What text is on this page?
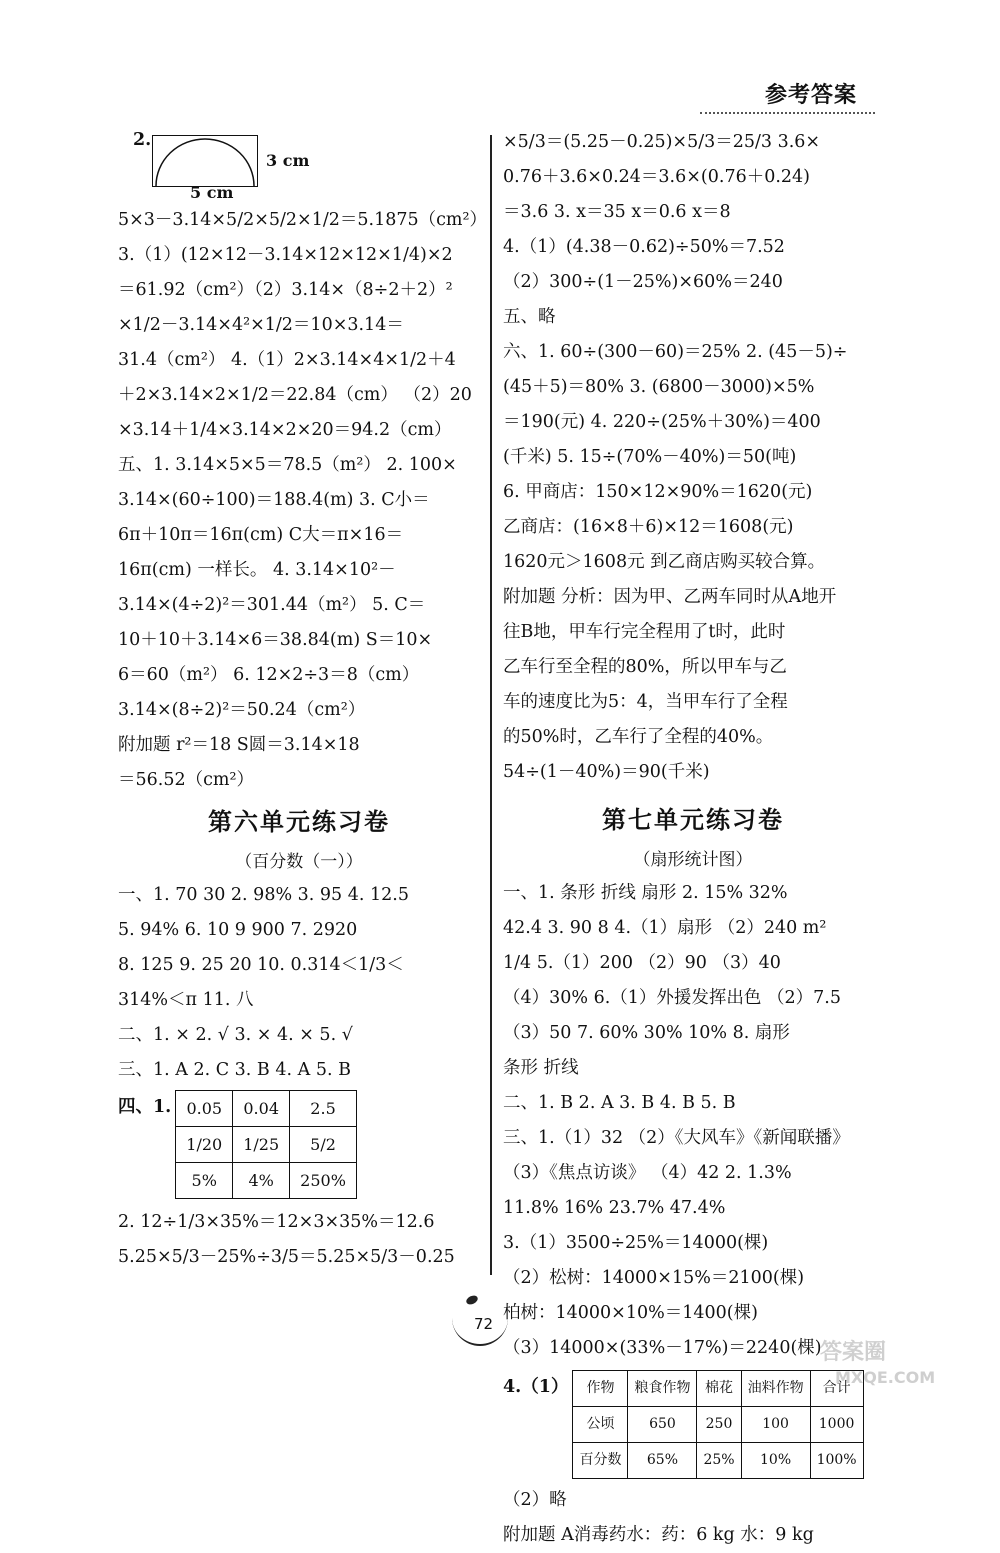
参考答案
2.
3 cm
5 cm
5×3－3.14×5/2×5/2×1/2＝5.1875（cm²）
3.（1）(12×12－3.14×12×12×1/4)×2
＝61.92（cm²）（2）3.14×（8÷2＋2）²
×1/2－3.14×4²×1/2＝10×3.14＝
31.4（cm²） 4.（1）2×3.14×4×1/2＋4
＋2×3.14×2×1/2＝22.84（cm） （2）20
×3.14＋1/4×3.14×2×20＝94.2（cm）
五、1. 3.14×5×5＝78.5（m²） 2. 100×
3.14×(60÷100)＝188.4(m) 3. C小＝
6π＋10π＝16π(cm) C大＝π×16＝
16π(cm) 一样长。 4. 3.14×10²－
3.14×(4÷2)²＝301.44（m²） 5. C＝
10＋10＋3.14×6＝38.84(m) S＝10×
6＝60（m²） 6. 12×2÷3＝8（cm）
3.14×(8÷2)²＝50.24（cm²）
附加题 r²＝18 S圆＝3.14×18
＝56.52（cm²）
第六单元练习卷
（百分数（一））
一、1. 70 30 2. 98% 3. 95 4. 12.5
5. 94% 6. 10 9 900 7. 2920
8. 125 9. 25 20 10. 0.314＜1/3＜
314%＜π 11. 八
二、1. × 2. √ 3. × 4. × 5. √
三、1. A 2. C 3. B 4. A 5. B
四、1. 0.05	0.04	2.5
1/20	1/25	5/2
5%	4%	250%
2. 12÷1/3×35%＝12×3×35%＝12.6
5.25×5/3－25%÷3/5＝5.25×5/3－0.25
×5/3＝(5.25－0.25)×5/3＝25/3 3.6×
0.76＋3.6×0.24＝3.6×(0.76＋0.24)
＝3.6 3. x＝35 x＝0.6 x＝8
4.（1）(4.38－0.62)÷50%＝7.52
（2）300÷(1－25%)×60%＝240
五、略
六、1. 60÷(300－60)＝25% 2. (45－5)÷
(45＋5)＝80% 3. (6800－3000)×5%
＝190(元) 4. 220÷(25%＋30%)＝400
(千米) 5. 15÷(70%－40%)＝50(吨)
6. 甲商店：150×12×90%＝1620(元)
乙商店：(16×8＋6)×12＝1608(元)
1620元＞1608元 到乙商店购买较合算。
附加题 分析：因为甲、乙两车同时从A地开
往B地，甲车行完全程用了t时，此时
乙车行至全程的80%，所以甲车与乙
车的速度比为5：4，当甲车行了全程
的50%时，乙车行了全程的40%。
54÷(1－40%)＝90(千米)
第七单元练习卷
（扇形统计图）
一、1. 条形 折线 扇形 2. 15% 32%
42.4 3. 90 8 4.（1）扇形 （2）240 m²
1/4 5.（1）200 （2）90 （3）40
（4）30% 6.（1）外援发挥出色 （2）7.5
（3）50 7. 60% 30% 10% 8. 扇形
条形 折线
二、1. B 2. A 3. B 4. B 5. B
三、1.（1）32 （2）《大风车》《新闻联播》
（3）《焦点访谈》 （4）42 2. 1.3%
11.8% 16% 23.7% 47.4%
3.（1）3500÷25%＝14000(棵)
（2）松树：14000×15%＝2100(棵)
柏树：14000×10%＝1400(棵)
（3）14000×(33%－17%)＝2240(棵)
4.（1） 作物	粮食作物	棉花	油料作物	合计
公顷	650	250	100	1000
百分数	65%	25%	10%	100%
（2）略
附加题 A消毒药水：药：6 kg 水：9 kg
72
答案圈
MXQE.COM
